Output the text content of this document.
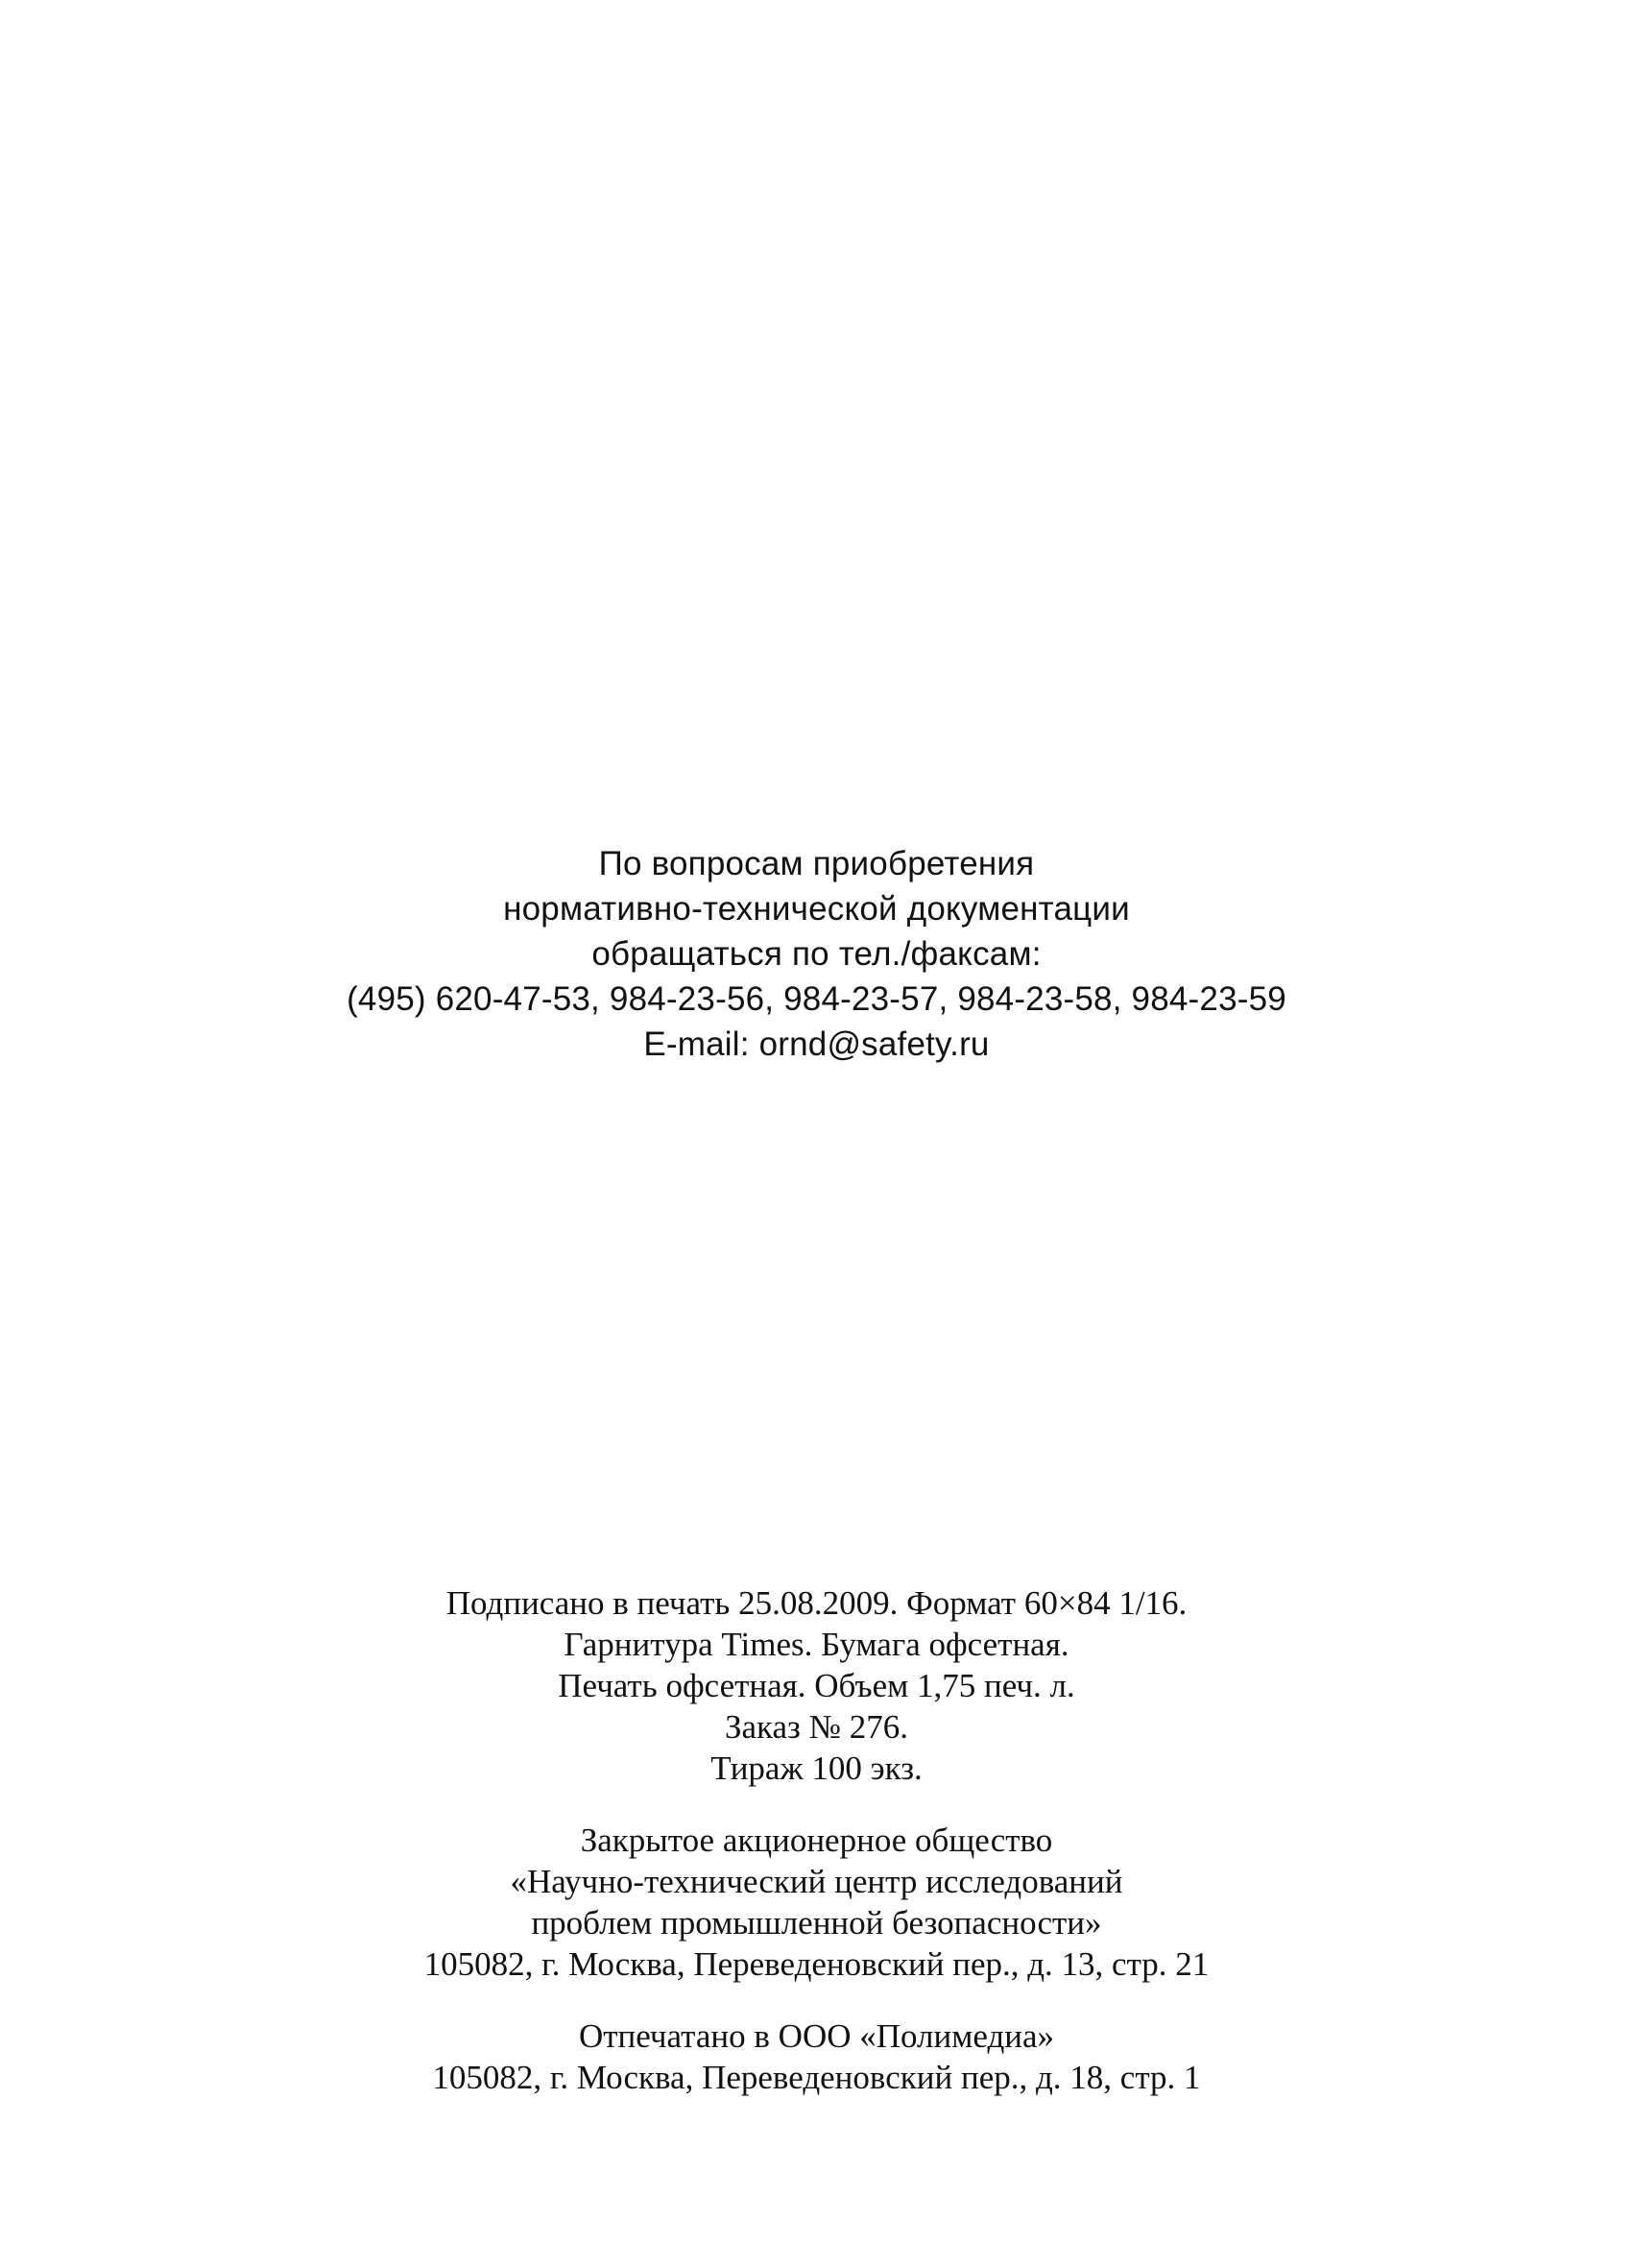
По вопросам приобретения
нормативно-технической документации
обращаться по тел./факсам:
(495) 620-47-53, 984-23-56, 984-23-57, 984-23-58, 984-23-59
E-mail: ornd@safety.ru
Подписано в печать 25.08.2009. Формат 60×84 1/16.
Гарнитура Times. Бумага офсетная.
Печать офсетная. Объем 1,75 печ. л.
Заказ № 276.
Тираж 100 экз.
Закрытое акционерное общество
«Научно-технический центр исследований
проблем промышленной безопасности»
105082, г. Москва, Переведеновский пер., д. 13, стр. 21
Отпечатано в ООО «Полимедиа»
105082, г. Москва, Переведеновский пер., д. 18, стр. 1
